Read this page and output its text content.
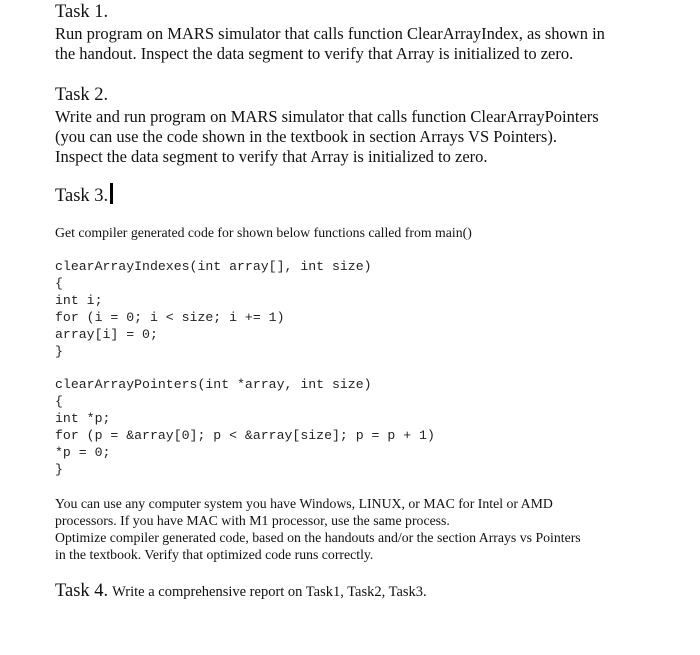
Task 1.

Run program on MARS simulator that calls function ClearArrayIndex, as shown in

the handout. Inspect the data segment to verify that Array is initialized to zero.

Task 2.

Write and run program on MARS simulator that calls function ClearArrayPointers

(you can use the code shown in the textbook in section Arrays VS Pointers).

Inspect the data segment to verify that Array is initialized to zero.

Task 3.

Get compiler generated code for shown below functions called from main()

clearArrayIndexes(int array[], int size)

{

int i;

for (i = 0; i < size; i += 1)

array[i] = 0;

}

clearArrayPointers(int *array, int size)

{

int *p;

for (p = &array[0]; p < &array[size]; p = p + 1)

*p = 0;

}

You can use any computer system you have Windows, LINUX, or MAC for Intel or AMD

processors. If you have MAC with M1 processor, use the same process.

Optimize compiler generated code, based on the handouts and/or the section Arrays vs Pointers

in the textbook. Verify that optimized code runs correctly.

Task 4. Write a comprehensive report on Task1, Task2, Task3.
